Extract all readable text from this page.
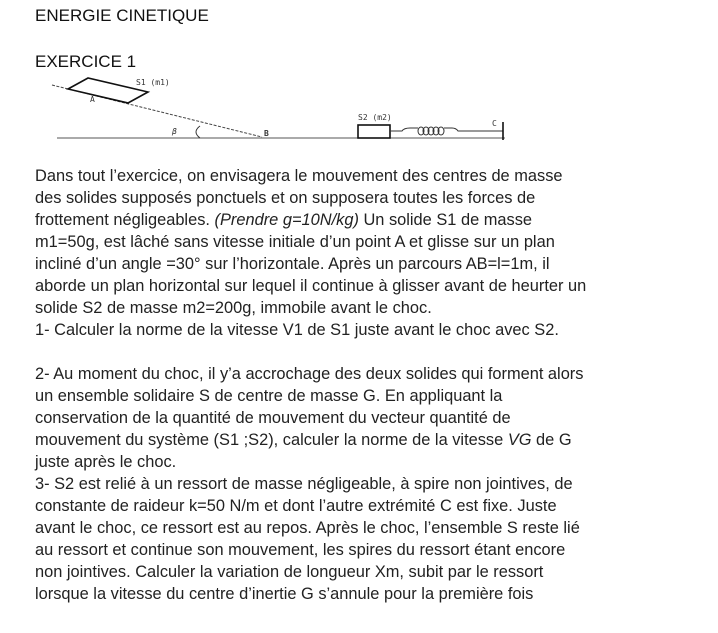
ENERGIE CINETIQUE
EXERCICE 1
S1 (m1)
A
β	B
S2 (m2)
C

Dans tout l’exercice, on envisagera le mouvement des centres de masse

des solides supposés ponctuels et on supposera toutes les forces de

frottement négligeables. (Prendre g=10N/kg) Un solide S1 de masse

m1=50g, est lâché sans vitesse initiale d’un point A et glisse sur un plan

incliné d’un angle =30° sur l’horizontale. Après un parcours AB=l=1m, il

aborde un plan horizontal sur lequel il continue à glisser avant de heurter un

solide S2 de masse m2=200g, immobile avant le choc.

1- Calculer la norme de la vitesse V1 de S1 juste avant le choc avec S2.

2- Au moment du choc, il y’a accrochage des deux solides qui forment alors

un ensemble solidaire S de centre de masse G. En appliquant la

conservation de la quantité de mouvement du vecteur quantité de

mouvement du système (S1 ;S2), calculer la norme de la vitesse VG de G

juste après le choc.

3- S2 est relié à un ressort de masse négligeable, à spire non jointives, de

constante de raideur k=50 N/m et dont l’autre extrémité C est fixe. Juste

avant le choc, ce ressort est au repos. Après le choc, l’ensemble S reste lié

au ressort et continue son mouvement, les spires du ressort étant encore

non jointives. Calculer la variation de longueur Xm, subit par le ressort

lorsque la vitesse du centre d’inertie G s’annule pour la première fois
